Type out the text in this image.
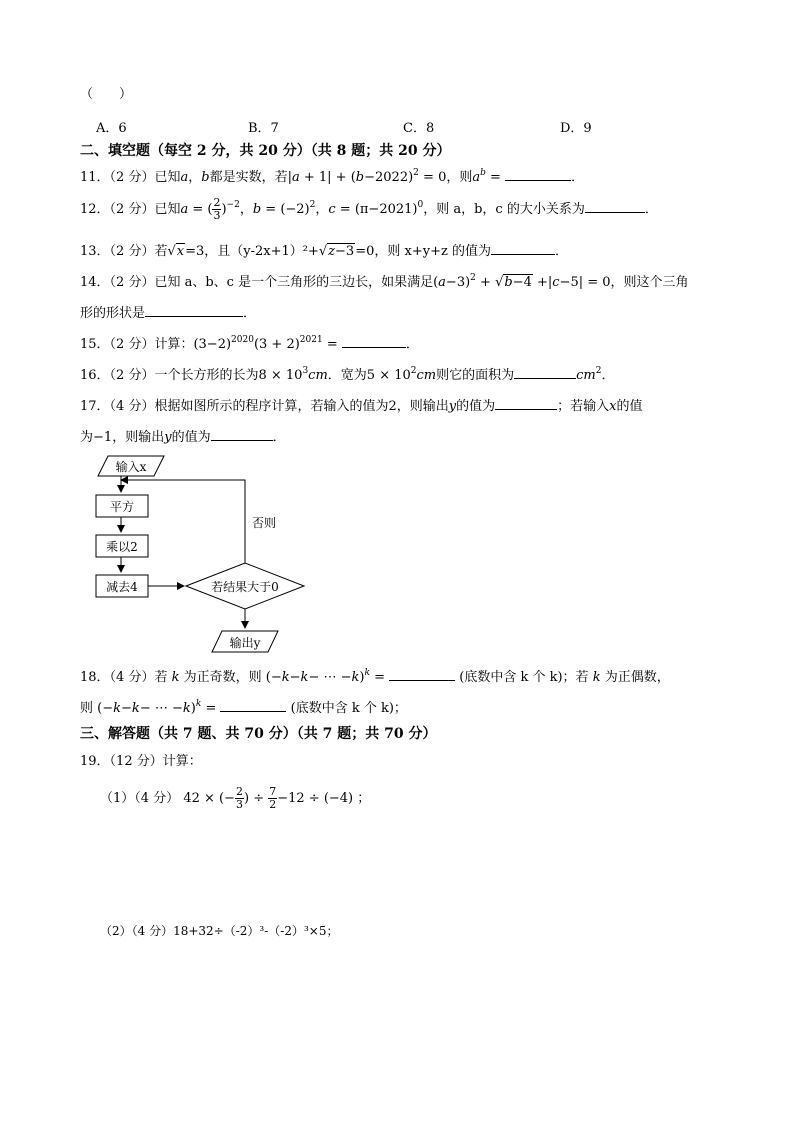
（　　）
A．6	B．7	C．8	D．9
二、填空题（每空 2 分，共 20 分）（共 8 题；共 20 分）
11．（2 分）已知a，b都是实数，若$|a + 1| + (b-2022)^2 = 0$，则$a^b$ =	．
12．（2 分）已知a = ( $\frac{2}{3} )^{-2}$，$b = (-2)^2$，$c = (\pi-2021)^0$，则 a，b，c 的大小关系为	．
13．（2 分）若√x=3，且（y-2x+1）²+√z−3=0，则 x+y+z 的值为	．
14．（2 分）已知 a、b、c 是一个三角形的三边长，如果满足$(a-3)^2 + √b-4 +|c-5| = 0$，则这个三角
形的形状是	．
15．（2 分）计算：$(3-2)^{2020}(3 + 2)^{2021}$ =	．
16．（2 分）一个长方形的长为$8 \times 10^3cm$．宽为$5 \times 10^2cm$则它的面积为	$cm^2$．
17．（4 分）根据如图所示的程序计算，若输入的值为2，则输出y的值为	；若输入x的值
为−1，则输出y的值为	．
输入x
平方
乘以2
减去4	若结果大于0
否则
输出y
18．（4 分）若 k 为正奇数，则 (−k−k− ⋯ −k)$^k$ =	(底数中含 k 个 k)；若 k 为正偶数，
则 (−k−k− ⋯ −k)$^k$ =	(底数中含 k 个 k)；
三、解答题（共 7 题、共 70 分）（共 7 题；共 70 分）
19．（12 分）计算：
（1）（4 分） 42 × (− $\frac{2}{3}$ ) ÷ $\frac{7}{2} -12 \div (-4)$ ；
（2）（4 分）18+32÷（-2）³-（-2）³×5；
